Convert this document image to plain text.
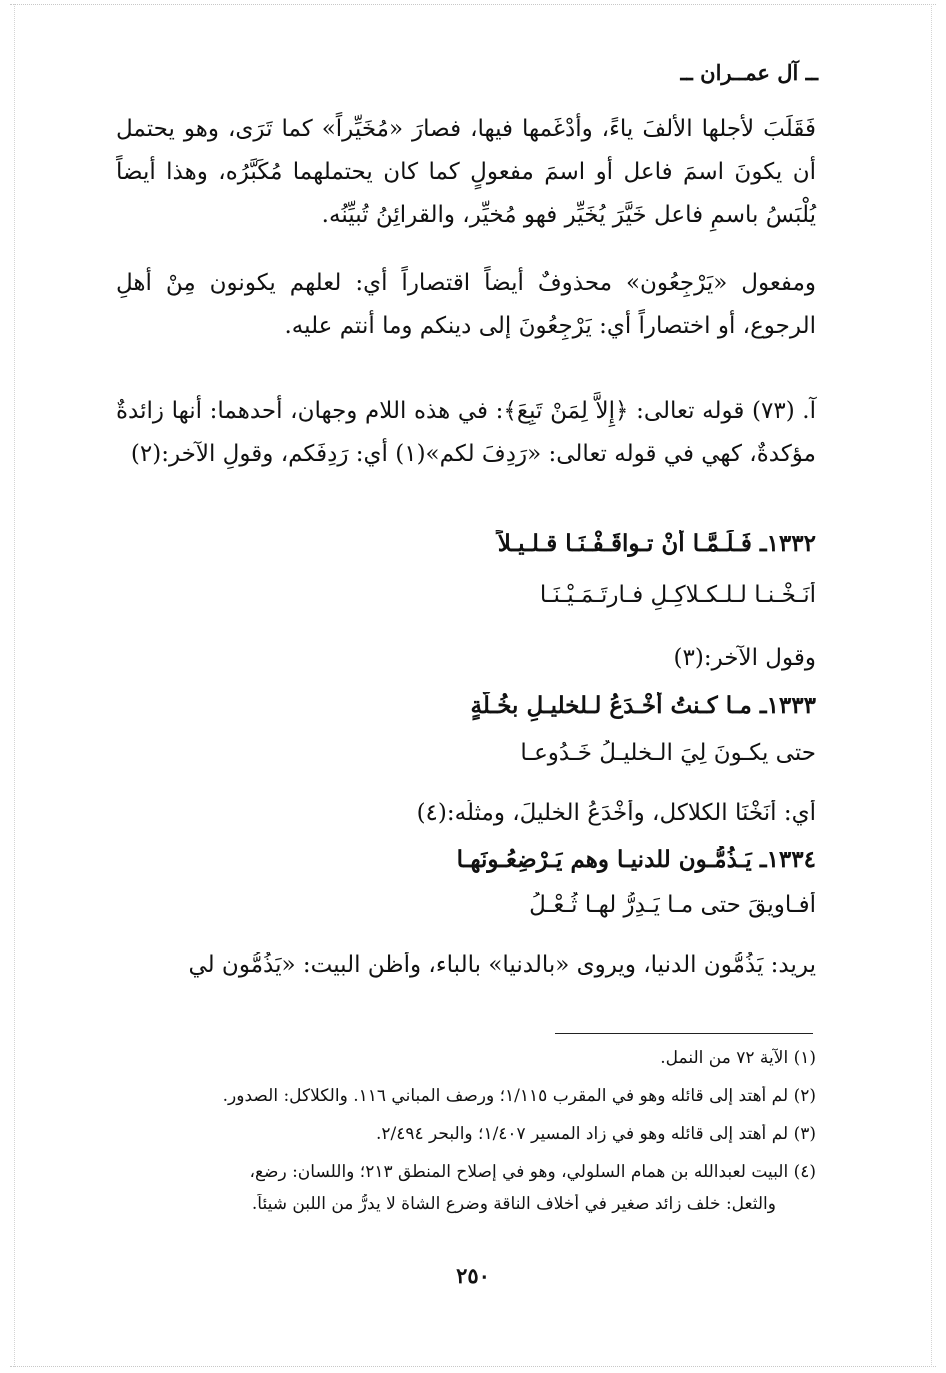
ــ آل عمــران ــ
فَقَلَبَ لأجلها الألفَ ياءً، وأدْغَمها فيها، فصارَ «مُخَيِّراً» كما تَرَى، وهو يحتمل أن يكونَ اسمَ فاعل أو اسمَ مفعولٍ كما كان يحتملهما مُكَبَّرُه، وهذا أيضاً يُلْبَسُ باسمِ فاعل خَيَّرَ يُخَيِّر فهو مُخيِّر، والقرائِنُ تُبيِّنُه.
ومفعول «يَرْجِعُون» محذوفٌ أيضاً اقتصاراً أي: لعلهم يكونون مِنْ أهلِ الرجوع، أو اختصاراً أي: يَرْجِعُونَ إلى دينكم وما أنتم عليه.
آ. (٧٣) قوله تعالى: ﴿إِلاَّ لِمَنْ تَبِعَ﴾: في هذه اللام وجهان، أحدهما: أنها زائدةٌ مؤكدةٌ، كهي في قوله تعالى: «رَدِفَ لكم»(١) أي: رَدِفَكم، وقولِ الآخر:(٢)
١٣٣٢ـ فَـلَـمَّـا أنْ تـواقَـفْـنَـا قـلـيـلاً
أنَـخْـنـا لـلـكـلاكِـلِ فـارتَـمَـيْـنَـا
وقول الآخر:(٣)
١٣٣٣ـ مـا كـنتُ أخْـدَعُ لـلخليـلِ بخُـلَّةٍ
حتى يكـونَ لِيَ الـخليـلُ خَـدُوعـا
أي: أنَخْنَا الكلاكل، وأَخْدَعُ الخليلَ، ومثلُه:(٤)
١٣٣٤ـ يَـذُمُّـون للدنيـا وهم يَـرْضِعُـونَهـا
أفـاويقَ حتى مـا يَـدِرُّ لهـا ثُـعْـلُ
يريد: يَذُمُّون الدنيا، ويروى «بالدنيا» بالباء، وأظن البيت: «يَذُمُّون لي
(١) الآية ٧٢ من النمل.
(٢) لم أهتد إلى قائله وهو في المقرب ١/١١٥؛ ورصف المباني ١١٦. والكلاكل: الصدور.
(٣) لم أهتد إلى قائله وهو في زاد المسير ١/٤٠٧؛ والبحر ٢/٤٩٤.
(٤) البيت لعبدالله بن همام السلولي، وهو في إصلاح المنطق ٢١٣؛ واللسان: رضع،
والثعل: خلف زائد صغير في أخلاف الناقة وضرع الشاة لا يدرُّ من اللبن شيئاً.
٢٥٠
